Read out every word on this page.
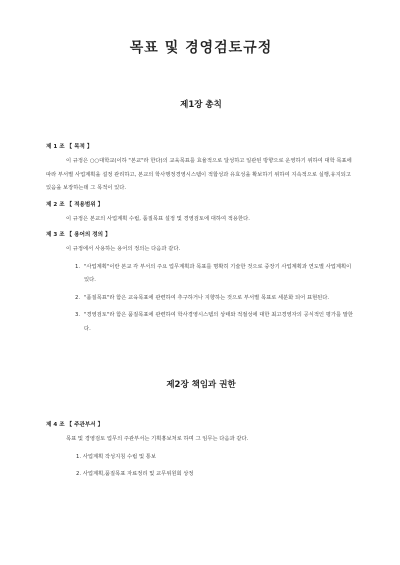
목표 및 경영검토규정
제1장 총칙

제 1 조 【 목적 】

이 규정은 ○○대학교(이하 "본교"라 한다)의 교육목표를 효율적으로 달성하고 일관된 방향으로 운영하기 위하여 대학 목표에 따라 부서별 사업계획을 설정 관리하고, 본교의 학사행정경영시스템이 적합성과 유효성을 확보하기 위하여 지속적으로 실행,유지되고 있음을 보장하는데 그 목적이 있다.

제 2 조 【 적용범위 】

이 규정은 본교의 사업계획 수립, 품질목표 설정 및 경영검토에 대하여 적용한다.

제 3 조 【 용어의 정의 】

이 규정에서 사용하는 용어의 정의는 다음과 같다.

1. "사업계획"이란 본교 각 부서의 주요 업무계획과 목표를 명확히 기술한 것으로 중장기 사업계획과 연도별 사업계획이 있다.
2. "품질목표"라 함은 교육목표에 관련하여 추구하거나 지향하는 것으로 부서별 목표로 세분화 되어 표현된다.
3. "경영검토"라 함은 품질목표에 관련하여 학사경영시스템의 상태와 적절성에 대한 최고경영자의 공식적인 평가를 말한다.
제2장 책임과 권한

제 4 조 【 주관부서 】

목표 및 경영검토 업무의 주관부서는 기획홍보처로 하며 그 임무는 다음과 같다.

1. 사업계획 작성지침 수립 및 통보

2. 사업계획,품질목표 자료정리 및 교무위원회 상정
